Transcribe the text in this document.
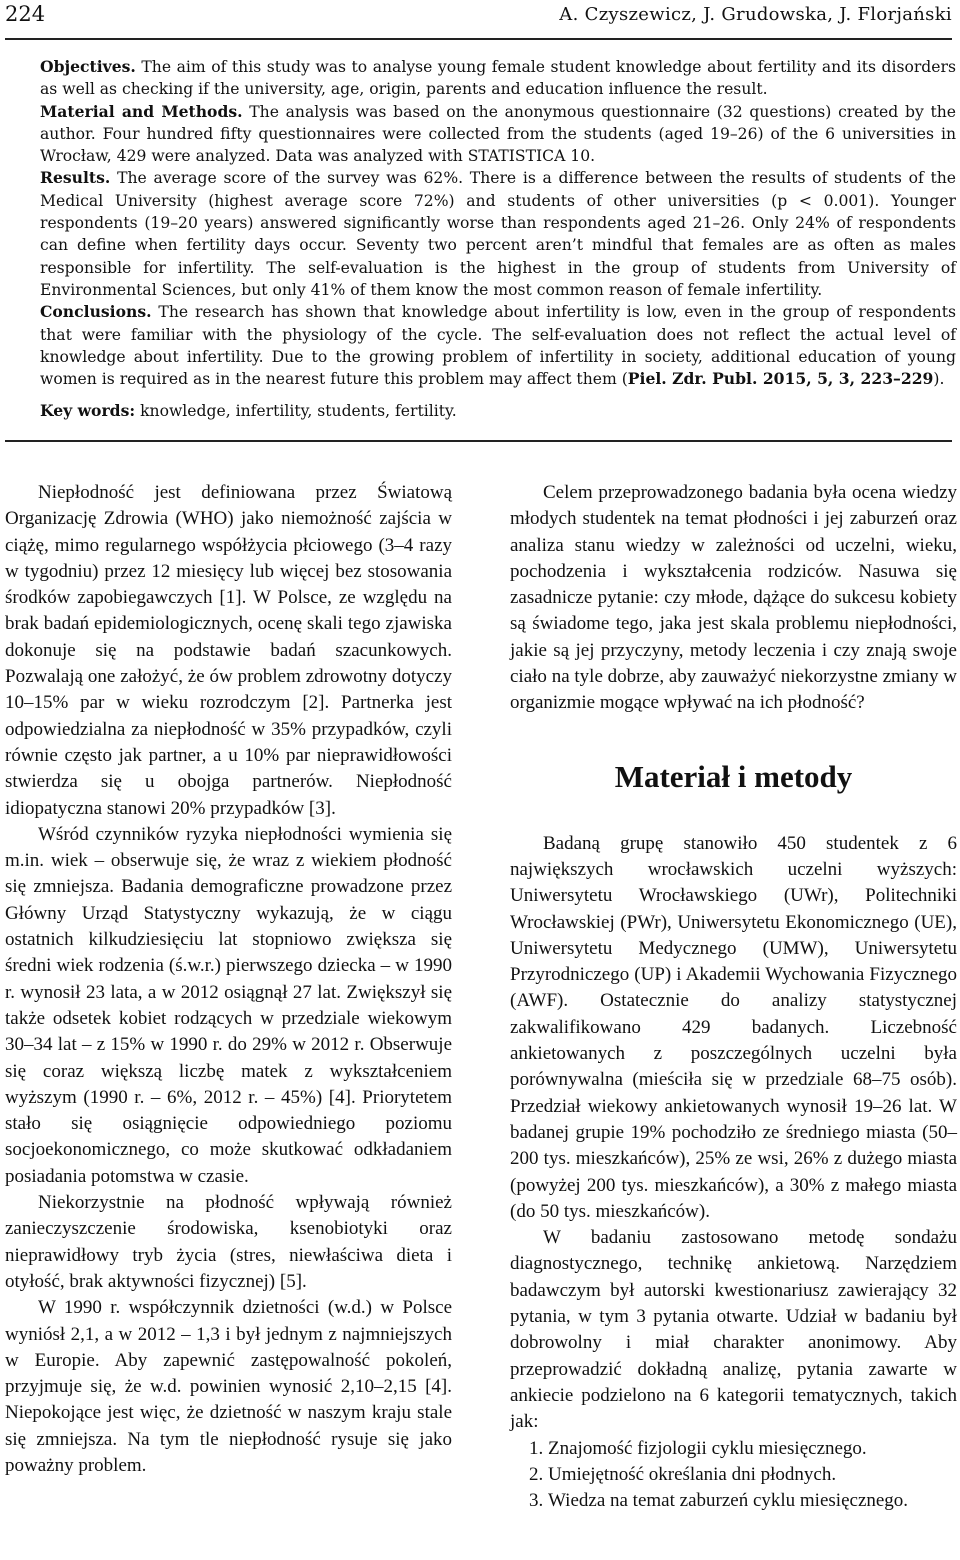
224	A. Czyszewicz, J. Grudowska, J. Florjański

Objectives. The aim of this study was to analyse young female student knowledge about fertility and its disorders as well as checking if the university, age, origin, parents and education influence the result.

Material and Methods. The analysis was based on the anonymous questionnaire (32 questions) created by the author. Four hundred fifty questionnaires were collected from the students (aged 19–26) of the 6 universities in Wrocław, 429 were analyzed. Data was analyzed with STATISTICA 10.

Results. The average score of the survey was 62%. There is a difference between the results of students of the Medical University (highest average score 72%) and students of other universities (p < 0.001). Younger respondents (19–20 years) answered significantly worse than respondents aged 21–26. Only 24% of respondents can define when fertility days occur. Seventy two percent aren’t mindful that females are as often as males responsible for infertility. The self-evaluation is the highest in the group of students from University of Environmental Sciences, but only 41% of them know the most common reason of female infertility.

Conclusions. The research has shown that knowledge about infertility is low, even in the group of respondents that were familiar with the physiology of the cycle. The self-evaluation does not reflect the actual level of knowledge about infertility. Due to the growing problem of infertility in society, additional education of young women is required as in the nearest future this problem may affect them (Piel. Zdr. Publ. 2015, 5, 3, 223–229).

Key words: knowledge, infertility, students, fertility.

Niepłodność jest definiowana przez Światową Organizację Zdrowia (WHO) jako niemożność zajścia w ciążę, mimo regularnego współżycia płciowego (3–4 razy w tygodniu) przez 12 miesięcy lub więcej bez stosowania środków zapobiegawczych [1]. W Polsce, ze względu na brak badań epidemiologicznych, ocenę skali tego zjawiska dokonuje się na podstawie badań szacunkowych. Pozwalają one założyć, że ów problem zdrowotny dotyczy 10–15% par w wieku rozrodczym [2]. Partnerka jest odpowiedzialna za niepłodność w 35% przypadków, czyli równie często jak partner, a u 10% par nieprawidłowości stwierdza się u obojga partnerów. Niepłodność idiopatyczna stanowi 20% przypadków [3].

Wśród czynników ryzyka niepłodności wymienia się m.in. wiek – obserwuje się, że wraz z wiekiem płodność się zmniejsza. Badania demograficzne prowadzone przez Główny Urząd Statystyczny wykazują, że w ciągu ostatnich kilkudziesięciu lat stopniowo zwiększa się średni wiek rodzenia (ś.w.r.) pierwszego dziecka – w 1990 r. wynosił 23 lata, a w 2012 osiągnął 27 lat. Zwiększył się także odsetek kobiet rodzących w przedziale wiekowym 30–34 lat – z 15% w 1990 r. do 29% w 2012 r. Obserwuje się coraz większą liczbę matek z wykształceniem wyższym (1990 r. – 6%, 2012 r. – 45%) [4]. Priorytetem stało się osiągnięcie odpowiedniego poziomu socjoekonomicznego, co może skutkować odkładaniem posiadania potomstwa w czasie.

Niekorzystnie na płodność wpływają również zanieczyszczenie środowiska, ksenobiotyki oraz nieprawidłowy tryb życia (stres, niewłaściwa dieta i otyłość, brak aktywności fizycznej) [5].

W 1990 r. współczynnik dzietności (w.d.) w Polsce wyniósł 2,1, a w 2012 – 1,3 i był jednym z najmniejszych w Europie. Aby zapewnić zastępowalność pokoleń, przyjmuje się, że w.d. powinien wynosić 2,10–2,15 [4]. Niepokojące jest więc, że dzietność w naszym kraju stale się zmniejsza. Na tym tle niepłodność rysuje się jako poważny problem.

Celem przeprowadzonego badania była ocena wiedzy młodych studentek na temat płodności i jej zaburzeń oraz analiza stanu wiedzy w zależności od uczelni, wieku, pochodzenia i wykształcenia rodziców. Nasuwa się zasadnicze pytanie: czy młode, dążące do sukcesu kobiety są świadome tego, jaka jest skala problemu niepłodności, jakie są jej przyczyny, metody leczenia i czy znają swoje ciało na tyle dobrze, aby zauważyć niekorzystne zmiany w organizmie mogące wpływać na ich płodność?

Materiał i metody

Badaną grupę stanowiło 450 studentek z 6 największych wrocławskich uczelni wyższych: Uniwersytetu Wrocławskiego (UWr), Politechniki Wrocławskiej (PWr), Uniwersytetu Ekonomicznego (UE), Uniwersytetu Medycznego (UMW), Uniwersytetu Przyrodniczego (UP) i Akademii Wychowania Fizycznego (AWF). Ostatecznie do analizy statystycznej zakwalifikowano 429 badanych. Liczebność ankietowanych z poszczególnych uczelni była porównywalna (mieściła się w przedziale 68–75 osób). Przedział wiekowy ankietowanych wynosił 19–26 lat. W badanej grupie 19% pochodziło ze średniego miasta (50–200 tys. mieszkańców), 25% ze wsi, 26% z dużego miasta (powyżej 200 tys. mieszkańców), a 30% z małego miasta (do 50 tys. mieszkańców).

W badaniu zastosowano metodę sondażu diagnostycznego, technikę ankietową. Narzędziem badawczym był autorski kwestionariusz zawierający 32 pytania, w tym 3 pytania otwarte. Udział w badaniu był dobrowolny i miał charakter anonimowy. Aby przeprowadzić dokładną analizę, pytania zawarte w ankiecie podzielono na 6 kategorii tematycznych, takich jak:

1. Znajomość fizjologii cyklu miesięcznego.
2. Umiejętność określania dni płodnych.
3. Wiedza na temat zaburzeń cyklu miesięcznego.
